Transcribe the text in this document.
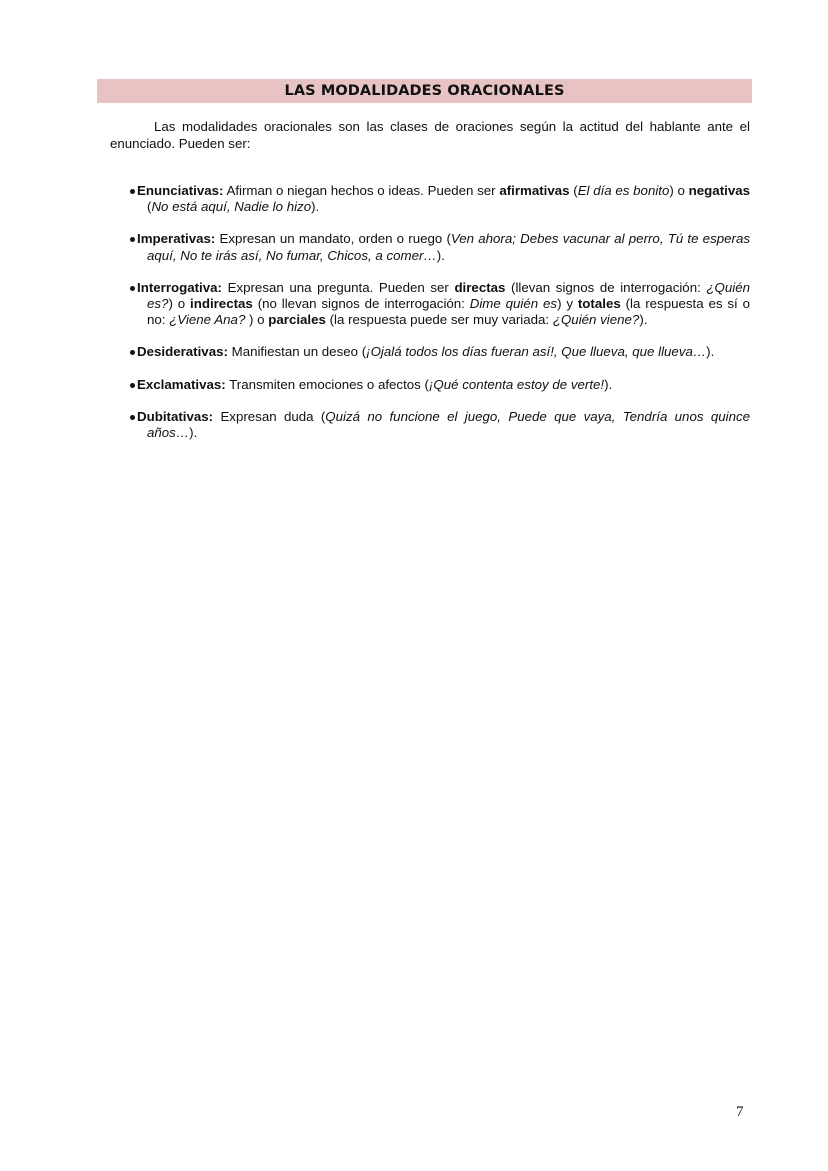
LAS MODALIDADES ORACIONALES

Las modalidades oracionales son las clases de oraciones según la actitud del hablante ante el enunciado. Pueden ser:

Enunciativas: Afirman o niegan hechos o ideas. Pueden ser afirmativas (El día es bonito) o negativas (No está aquí, Nadie lo hizo).
Imperativas: Expresan un mandato, orden o ruego (Ven ahora; Debes vacunar al perro, Tú te esperas aquí, No te irás así, No fumar, Chicos, a comer…).
Interrogativa: Expresan una pregunta. Pueden ser directas (llevan signos de interrogación: ¿Quién es?) o indirectas (no llevan signos de interrogación: Dime quién es) y totales (la respuesta es sí o no: ¿Viene Ana? ) o parciales (la respuesta puede ser muy variada: ¿Quién viene?).
Desiderativas: Manifiestan un deseo (¡Ojalá todos los días fueran así!, Que llueva, que llueva…).
Exclamativas: Transmiten emociones o afectos (¡Qué contenta estoy de verte!).
Dubitativas: Expresan duda (Quizá no funcione el juego, Puede que vaya, Tendría unos quince años…).
7
